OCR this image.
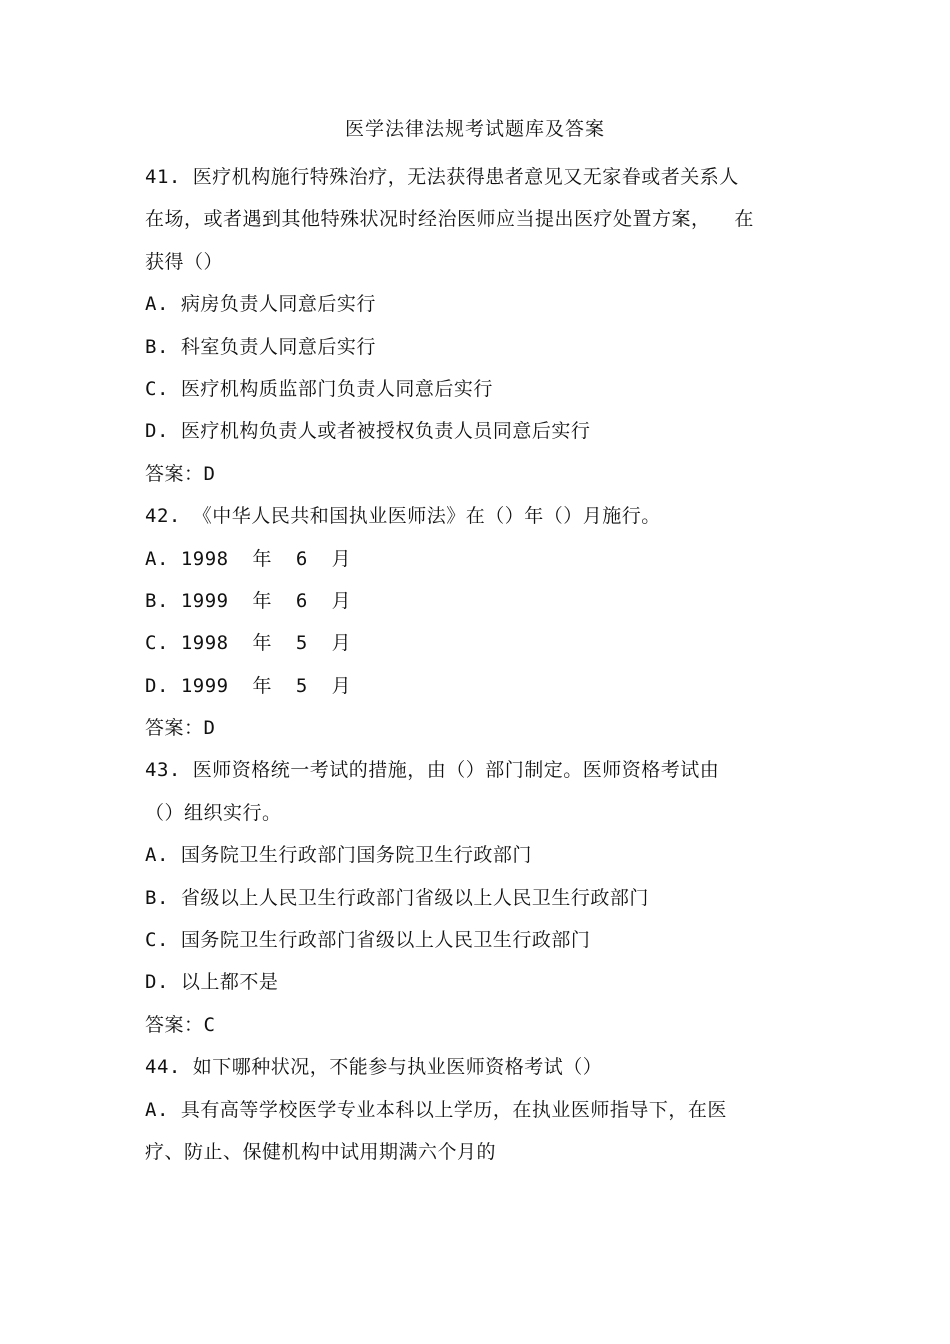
医学法律法规考试题库及答案
41. 医疗机构施行特殊治疗，无法获得患者意见又无家眷或者关系人
在场，或者遇到其他特殊状况时经治医师应当提出医疗处置方案，  在
获得（）
A. 病房负责人同意后实行
B. 科室负责人同意后实行
C. 医疗机构质监部门负责人同意后实行
D. 医疗机构负责人或者被授权负责人员同意后实行
答案：D
42. 《中华人民共和国执业医师法》在（）年（）月施行。
A. 1998  年  6  月
B. 1999  年  6  月
C. 1998  年  5  月
D. 1999  年  5  月
答案：D
43. 医师资格统一考试的措施，由（）部门制定。医师资格考试由
（）组织实行。
A. 国务院卫生行政部门国务院卫生行政部门
B. 省级以上人民卫生行政部门省级以上人民卫生行政部门
C. 国务院卫生行政部门省级以上人民卫生行政部门
D. 以上都不是
答案：C
44. 如下哪种状况，不能参与执业医师资格考试（）
A. 具有高等学校医学专业本科以上学历，在执业医师指导下，在医
疗、防止、保健机构中试用期满六个月的
